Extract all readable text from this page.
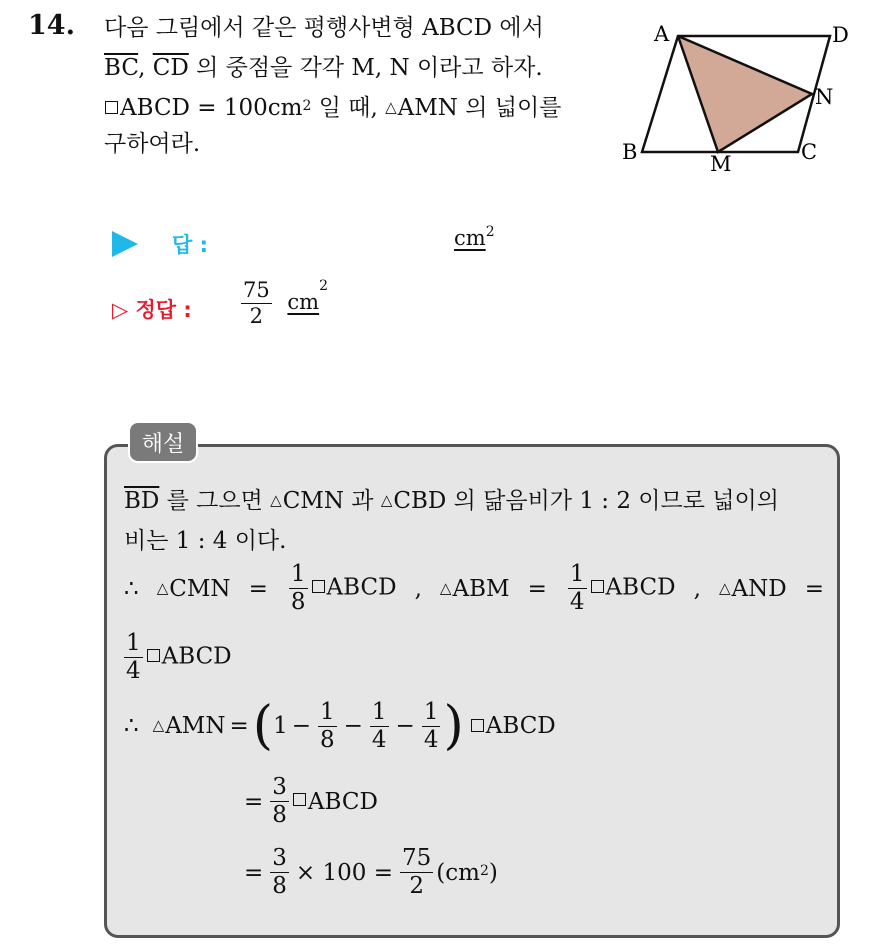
14. 다음 그림에서 같은 평행사변형 ABCD 에서
$\overline{BC}$, $\overline{CD}$ 의 중점을 각각 M, N 이라고 하자.
ABCD = $100cm^2$ 일 때, △AMN 의 넓이를
구하여라.
A	D
N
B	C
M
답 :	$cm^2$
▷ 정답 : $\frac{75}{2} cm^2$
해설
$\overline{BD}$ 를 그으면 △CMN 과 △CBD 의 닮음비가 1 : 2 이므로 넓이의
비는 1 : 4 이다.
∴ △CMN = $\frac{1}{8}$ ABCD , △ABM = $\frac{1}{4}$ ABCD , △AND =
$\frac{1}{4}$ ABCD
∴ △AMN = ( $1 - \frac{1}{8} - \frac{1}{4} - \frac{1}{4}$ ) ABCD
= $\frac{3}{8}$ ABCD
= $\frac{3}{8} \times 100 = \frac{75}{2} (cm^2$ )
